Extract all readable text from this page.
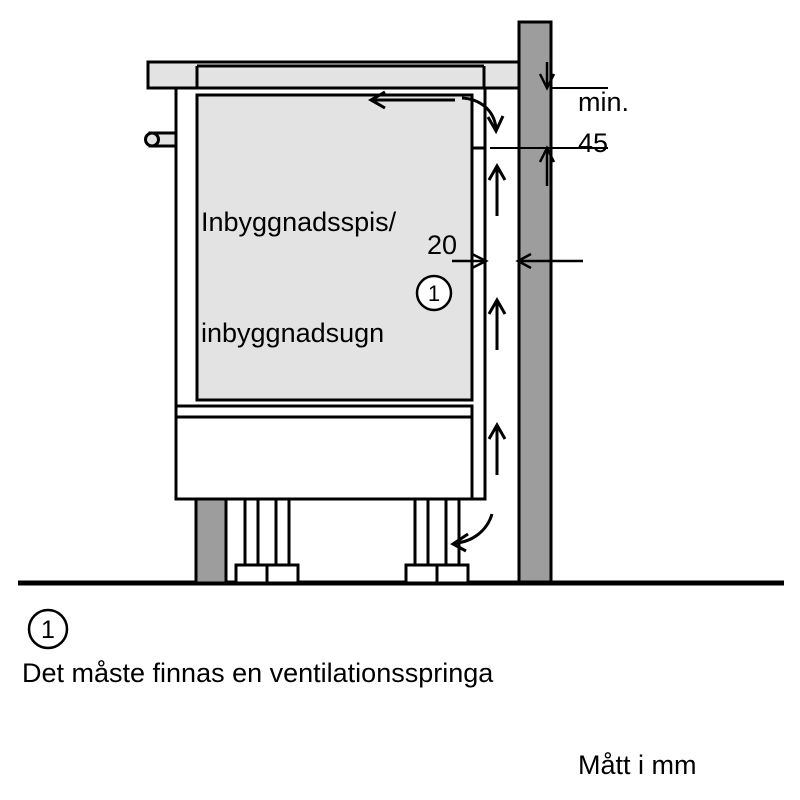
Inbyggnadsspis/

inbyggnadsugn

min.
45
20
1
1
Det måste finnas en ventilationsspringa
Mått i mm
